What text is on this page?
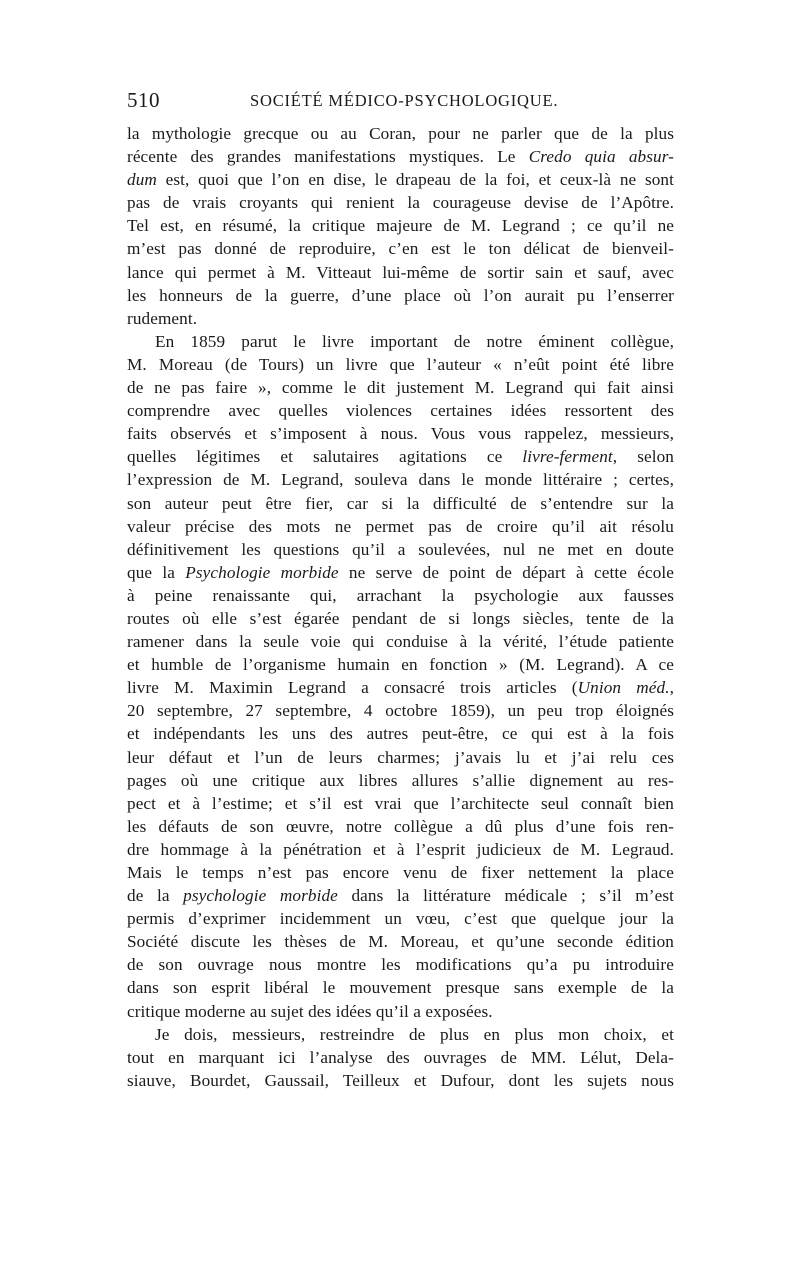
510	SOCIÉTÉ MÉDICO-PSYCHOLOGIQUE.
la mythologie grecque ou au Coran, pour ne parler que de la plus
récente des grandes manifestations mystiques. Le Credo quia absur-
dum est, quoi que l’on en dise, le drapeau de la foi, et ceux-là ne sont
pas de vrais croyants qui renient la courageuse devise de l’Apôtre.
Tel est, en résumé, la critique majeure de M. Legrand ; ce qu’il ne
m’est pas donné de reproduire, c’en est le ton délicat de bienveil-
lance qui permet à M. Vitteaut lui-même de sortir sain et sauf, avec
les honneurs de la guerre, d’une place où l’on aurait pu l’enserrer
rudement.
En 1859 parut le livre important de notre éminent collègue,
M. Moreau (de Tours) un livre que l’auteur « n’eût point été libre
de ne pas faire », comme le dit justement M. Legrand qui fait ainsi
comprendre avec quelles violences certaines idées ressortent des
faits observés et s’imposent à nous. Vous vous rappelez, messieurs,
quelles légitimes et salutaires agitations ce livre-ferment, selon
l’expression de M. Legrand, souleva dans le monde littéraire ; certes,
son auteur peut être fier, car si la difficulté de s’entendre sur la
valeur précise des mots ne permet pas de croire qu’il ait résolu
définitivement les questions qu’il a soulevées, nul ne met en doute
que la Psychologie morbide ne serve de point de départ à cette école
à peine renaissante qui, arrachant la psychologie aux fausses
routes où elle s’est égarée pendant de si longs siècles, tente de la
ramener dans la seule voie qui conduise à la vérité, l’étude patiente
et humble de l’organisme humain en fonction » (M. Legrand). A ce
livre M. Maximin Legrand a consacré trois articles (Union méd.,
20 septembre, 27 septembre, 4 octobre 1859), un peu trop éloignés
et indépendants les uns des autres peut-être, ce qui est à la fois
leur défaut et l’un de leurs charmes; j’avais lu et j’ai relu ces
pages où une critique aux libres allures s’allie dignement au res-
pect et à l’estime; et s’il est vrai que l’architecte seul connaît bien
les défauts de son œuvre, notre collègue a dû plus d’une fois ren-
dre hommage à la pénétration et à l’esprit judicieux de M. Legraud.
Mais le temps n’est pas encore venu de fixer nettement la place
de la psychologie morbide dans la littérature médicale ; s’il m’est
permis d’exprimer incidemment un vœu, c’est que quelque jour la
Société discute les thèses de M. Moreau, et qu’une seconde édition
de son ouvrage nous montre les modifications qu’a pu introduire
dans son esprit libéral le mouvement presque sans exemple de la
critique moderne au sujet des idées qu’il a exposées.
Je dois, messieurs, restreindre de plus en plus mon choix, et
tout en marquant ici l’analyse des ouvrages de MM. Lélut, Dela-
siauve, Bourdet, Gaussail, Teilleux et Dufour, dont les sujets nous
